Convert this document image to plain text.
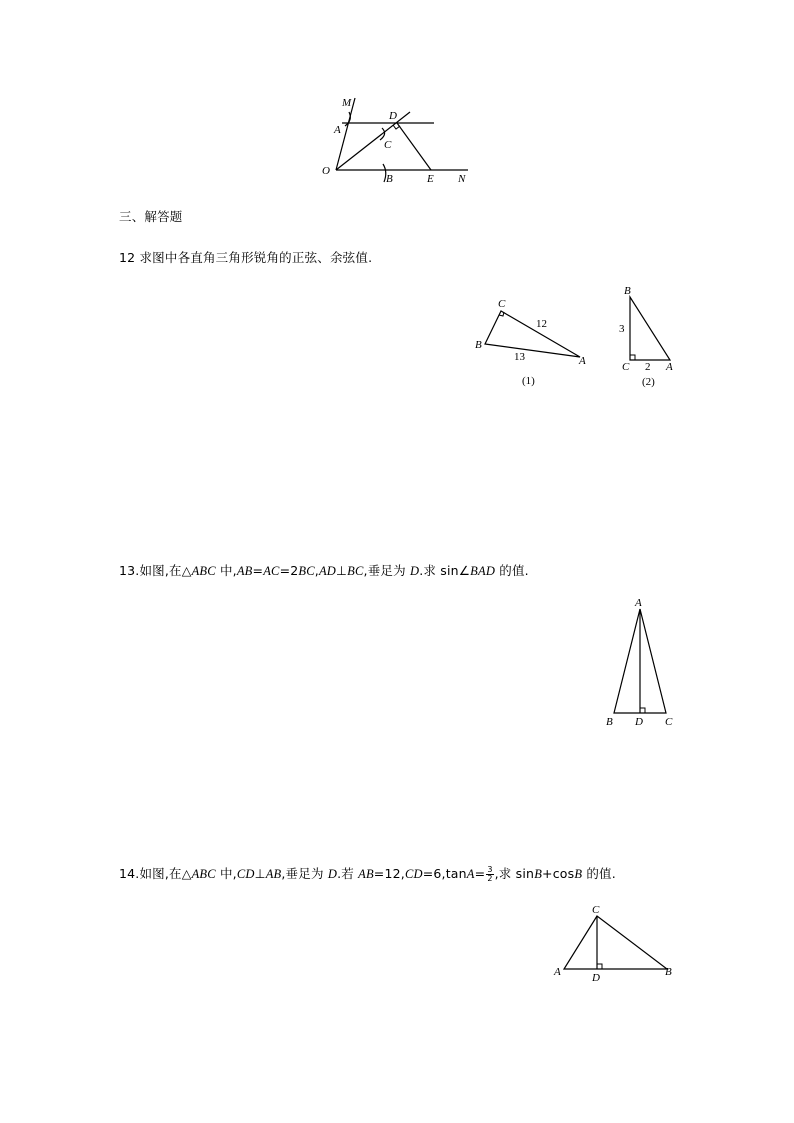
M
A
D
C
O
B	E N
三、解答题
12 求图中各直角三角形锐角的正弦、余弦值.
C
B
A
12
13
(1)
B
C	A
3
2
(2)
13.如图,在△ABC 中,AB=AC=2BC,AD⊥BC,垂足为 D.求 sin∠BAD 的值.
A
B D C
14.如图,在△ABC 中,CD⊥AB,垂足为 D.若 $AB=12,CD=6,\tan A= \frac{3}{2}$ ,求 sinB+cosB 的值.
C
A	D	B
